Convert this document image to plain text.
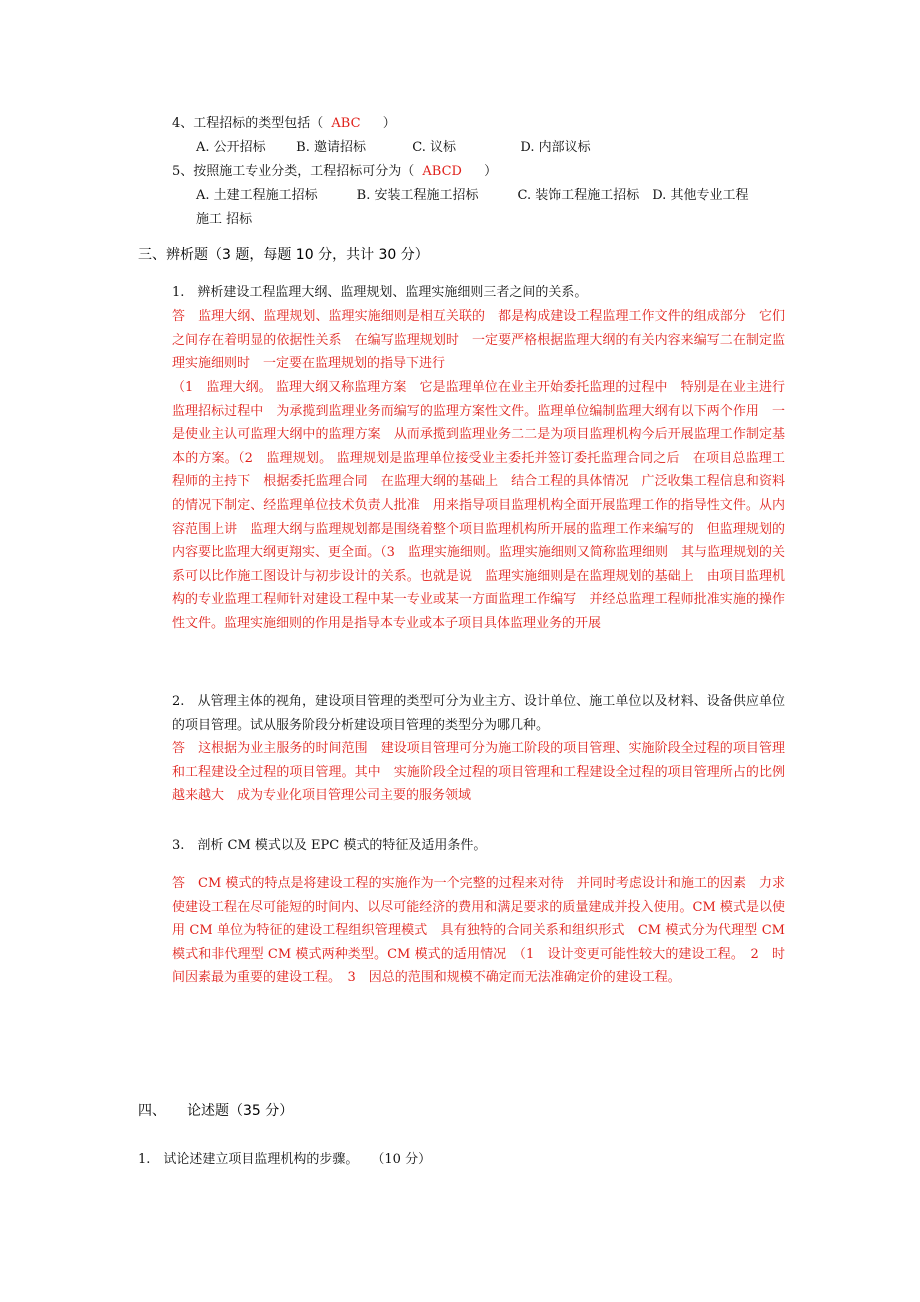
4、工程招标的类型包括（ ABC ）
A. 公开招标 B. 邀请招标	C. 议标	D. 内部议标
5、按照施工专业分类，工程招标可分为（ ABCD ）
A. 土建工程施工招标　　　B. 安装工程施工招标　　　C. 装饰工程施工招标　D. 其他专业工程
施工 招标
三、辨析题（3 题，每题 10 分，共计 30 分）
1.　辨析建设工程监理大纲、监理规划、监理实施细则三者之间的关系。

答　监理大纲、监理规划、监理实施细则是相互关联的　都是构成建设工程监理工作文件的组成部分　它们之间存在着明显的依据性关系　在编写监理规划时　一定要严格根据监理大纲的有关内容来编写二在制定监理实施细则时　一定要在监理规划的指导下进行

（1　监理大纲。 监理大纲又称监理方案　它是监理单位在业主开始委托监理的过程中　特别是在业主进行监理招标过程中　为承揽到监理业务而编写的监理方案性文件。监理单位编制监理大纲有以下两个作用　一是使业主认可监理大纲中的监理方案　从而承揽到监理业务二二是为项目监理机构今后开展监理工作制定基本的方案。（2　监理规划。 监理规划是监理单位接受业主委托并签订委托监理合同之后　在项目总监理工程师的主持下　根据委托监理合同　在监理大纲的基础上　结合工程的具体情况　广泛收集工程信息和资料的情况下制定、经监理单位技术负责人批准　用来指导项目监理机构全面开展监理工作的指导性文件。从内容范围上讲　监理大纲与监理规划都是围绕着整个项目监理机构所开展的监理工作来编写的　但监理规划的内容要比监理大纲更翔实、更全面。（3　监理实施细则。监理实施细则又简称监理细则　其与监理规划的关系可以比作施工图设计与初步设计的关系。也就是说　监理实施细则是在监理规划的基础上　由项目监理机构的专业监理工程师针对建设工程中某一专业或某一方面监理工作编写　并经总监理工程师批准实施的操作性文件。监理实施细则的作用是指导本专业或本子项目具体监理业务的开展

2.　从管理主体的视角，建设项目管理的类型可分为业主方、设计单位、施工单位以及材料、设备供应单位的项目管理。试从服务阶段分析建设项目管理的类型分为哪几种。

答　这根据为业主服务的时间范围　建设项目管理可分为施工阶段的项目管理、实施阶段全过程的项目管理和工程建设全过程的项目管理。其中　实施阶段全过程的项目管理和工程建设全过程的项目管理所占的比例越来越大　成为专业化项目管理公司主要的服务领域

3.　剖析 CM 模式以及 EPC 模式的特征及适用条件。

答　CM 模式的特点是将建设工程的实施作为一个完整的过程来对待　并同时考虑设计和施工的因素　力求使建设工程在尽可能短的时间内、以尽可能经济的费用和满足要求的质量建成并投入使用。CM 模式是以使用 CM 单位为特征的建设工程组织管理模式　具有独特的合同关系和组织形式　CM 模式分为代理型 CM 模式和非代理型 CM 模式两种类型。CM 模式的适用情况　（1　设计变更可能性较大的建设工程。　2　时间因素最为重要的建设工程。　3　因总的范围和规模不确定而无法准确定价的建设工程。

四、　　论述题（35 分）
1.　试论述建立项目监理机构的步骤。　　（10 分）
